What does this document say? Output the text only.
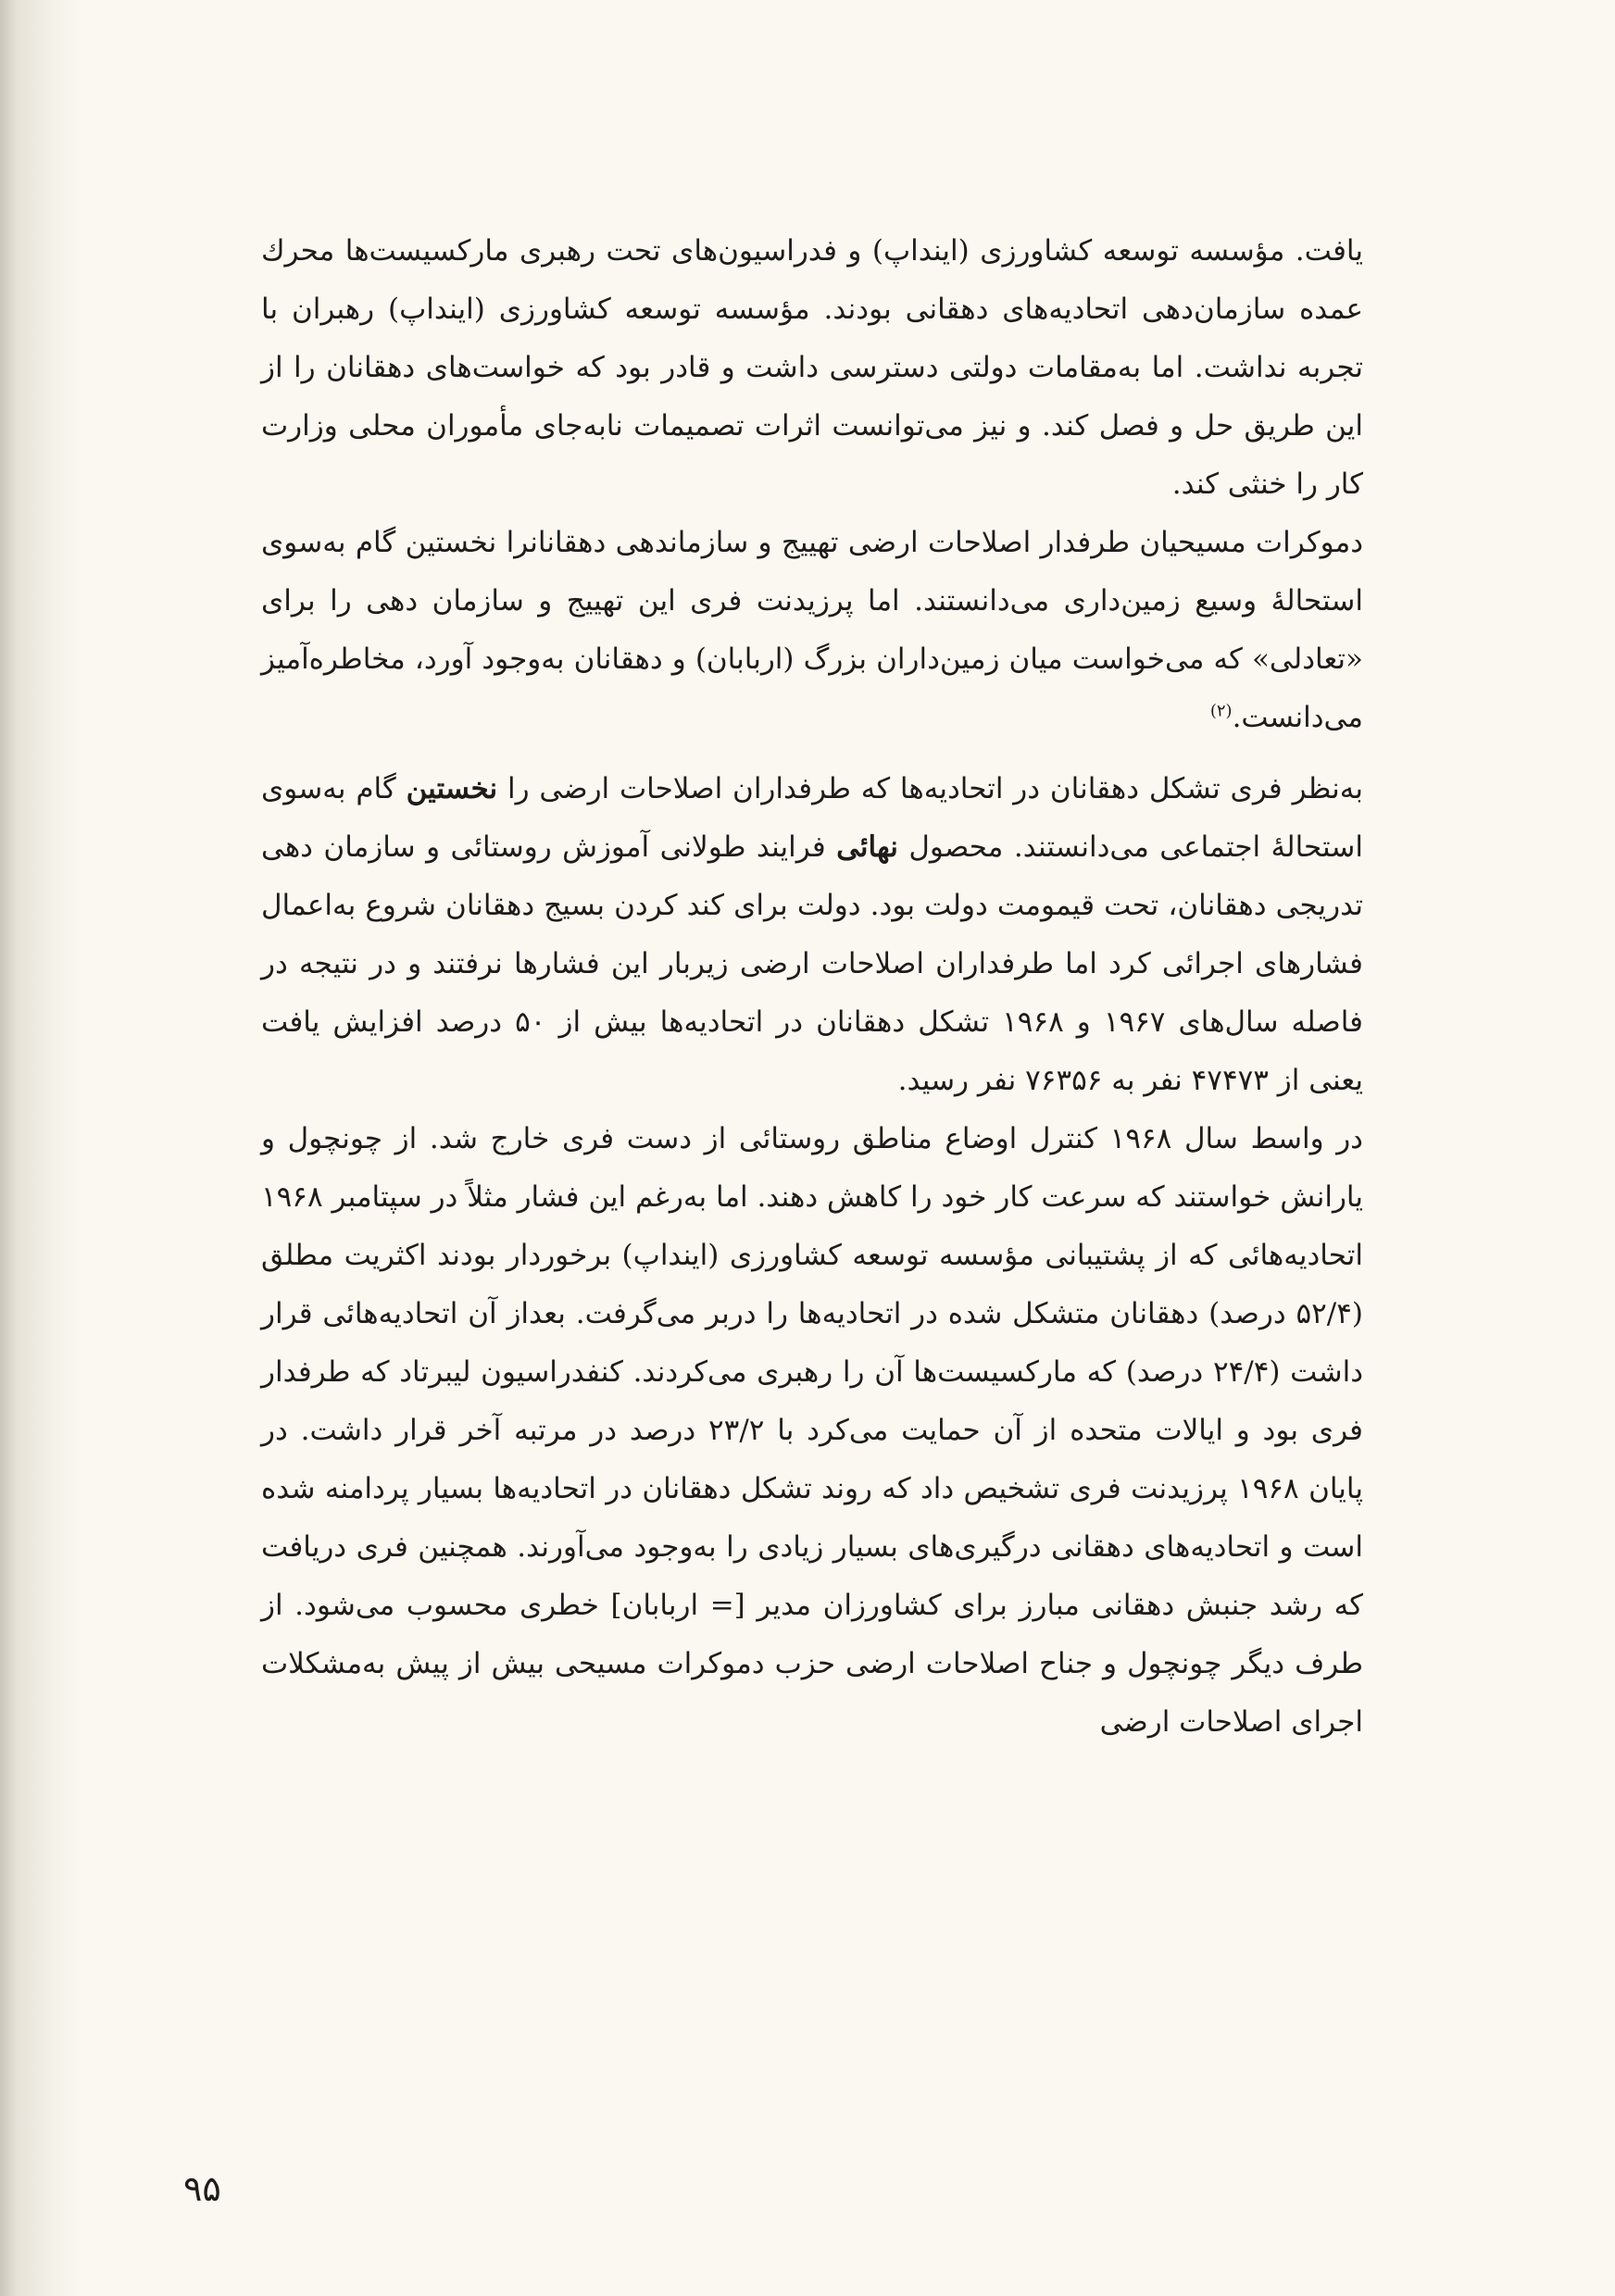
یافت. مؤسسه توسعه کشاورزی (اینداپ) و فدراسیون‌های تحت رهبری مارکسیست‌ها محرك عمده سازمان‌دهی اتحادیه‌های دهقانی بودند. مؤسسه توسعه کشاورزی (اینداپ) رهبران با تجربه نداشت. اما به‌مقامات دولتی دسترسی داشت و قادر بود که خواست‌های دهقانان را از این طریق حل و فصل کند. و نیز می‌توانست اثرات تصمیمات نابه‌جای مأموران محلی وزارت کار را خنثی کند.

دموکرات مسیحیان طرفدار اصلاحات ارضی تهییج و سازماندهی دهقانانرا نخستین گام به‌سوی استحالهٔ وسیع زمین‌داری می‌دانستند. اما پرزیدنت فری این تهییج و سازمان دهی را برای «تعادلی» که می‌خواست میان زمین‌داران بزرگ (اربابان) و دهقانان به‌وجود آورد، مخاطره‌آمیز می‌دانست.$^{(۲)}$

به‌نظر فری تشکل دهقانان در اتحادیه‌ها که طرفداران اصلاحات ارضی را نخستین گام به‌سوی استحالهٔ اجتماعی می‌دانستند. محصول نهائی فرایند طولانی آموزش روستائی و سازمان دهی تدریجی دهقانان، تحت قیمومت دولت بود. دولت برای کند کردن بسیج دهقانان شروع به‌اعمال فشارهای اجرائی کرد اما طرفداران اصلاحات ارضی زیربار این فشارها نرفتند و در نتیجه در فاصله سال‌های ۱۹۶۷ و ۱۹۶۸ تشکل دهقانان در اتحادیه‌ها بیش از ۵۰ درصد افزایش یافت یعنی از ۴۷۴۷۳ نفر به ۷۶۳۵۶ نفر رسید.

در واسط سال ۱۹۶۸ کنترل اوضاع مناطق روستائی از دست فری خارج شد. از چونچول و یارانش خواستند که سرعت کار خود را کاهش دهند. اما به‌رغم این فشار مثلاً در سپتامبر ۱۹۶۸ اتحادیه‌هائی که از پشتیبانی مؤسسه توسعه کشاورزی (اینداپ) برخوردار بودند اکثریت مطلق (۵۲/۴ درصد) دهقانان متشکل شده در اتحادیه‌ها را دربر می‌گرفت. بعداز آن اتحادیه‌هائی قرار داشت (۲۴/۴ درصد) که مارکسیست‌ها آن را رهبری می‌کردند. کنفدراسیون لیبرتاد که طرفدار فری بود و ایالات متحده از آن حمایت می‌کرد با ۲۳/۲ درصد در مرتبه آخر قرار داشت. در پایان ۱۹۶۸ پرزیدنت فری تشخیص داد که روند تشکل دهقانان در اتحادیه‌ها بسیار پردامنه شده است و اتحادیه‌های دهقانی درگیری‌های بسیار زیادی را به‌وجود می‌آورند. همچنین فری دریافت که رشد جنبش دهقانی مبارز برای کشاورزان مدیر [= اربابان] خطری محسوب می‌شود. از طرف دیگر چونچول و جناح اصلاحات ارضی حزب دموکرات مسیحی بیش از پیش به‌مشکلات اجرای اصلاحات ارضی

۹۵
